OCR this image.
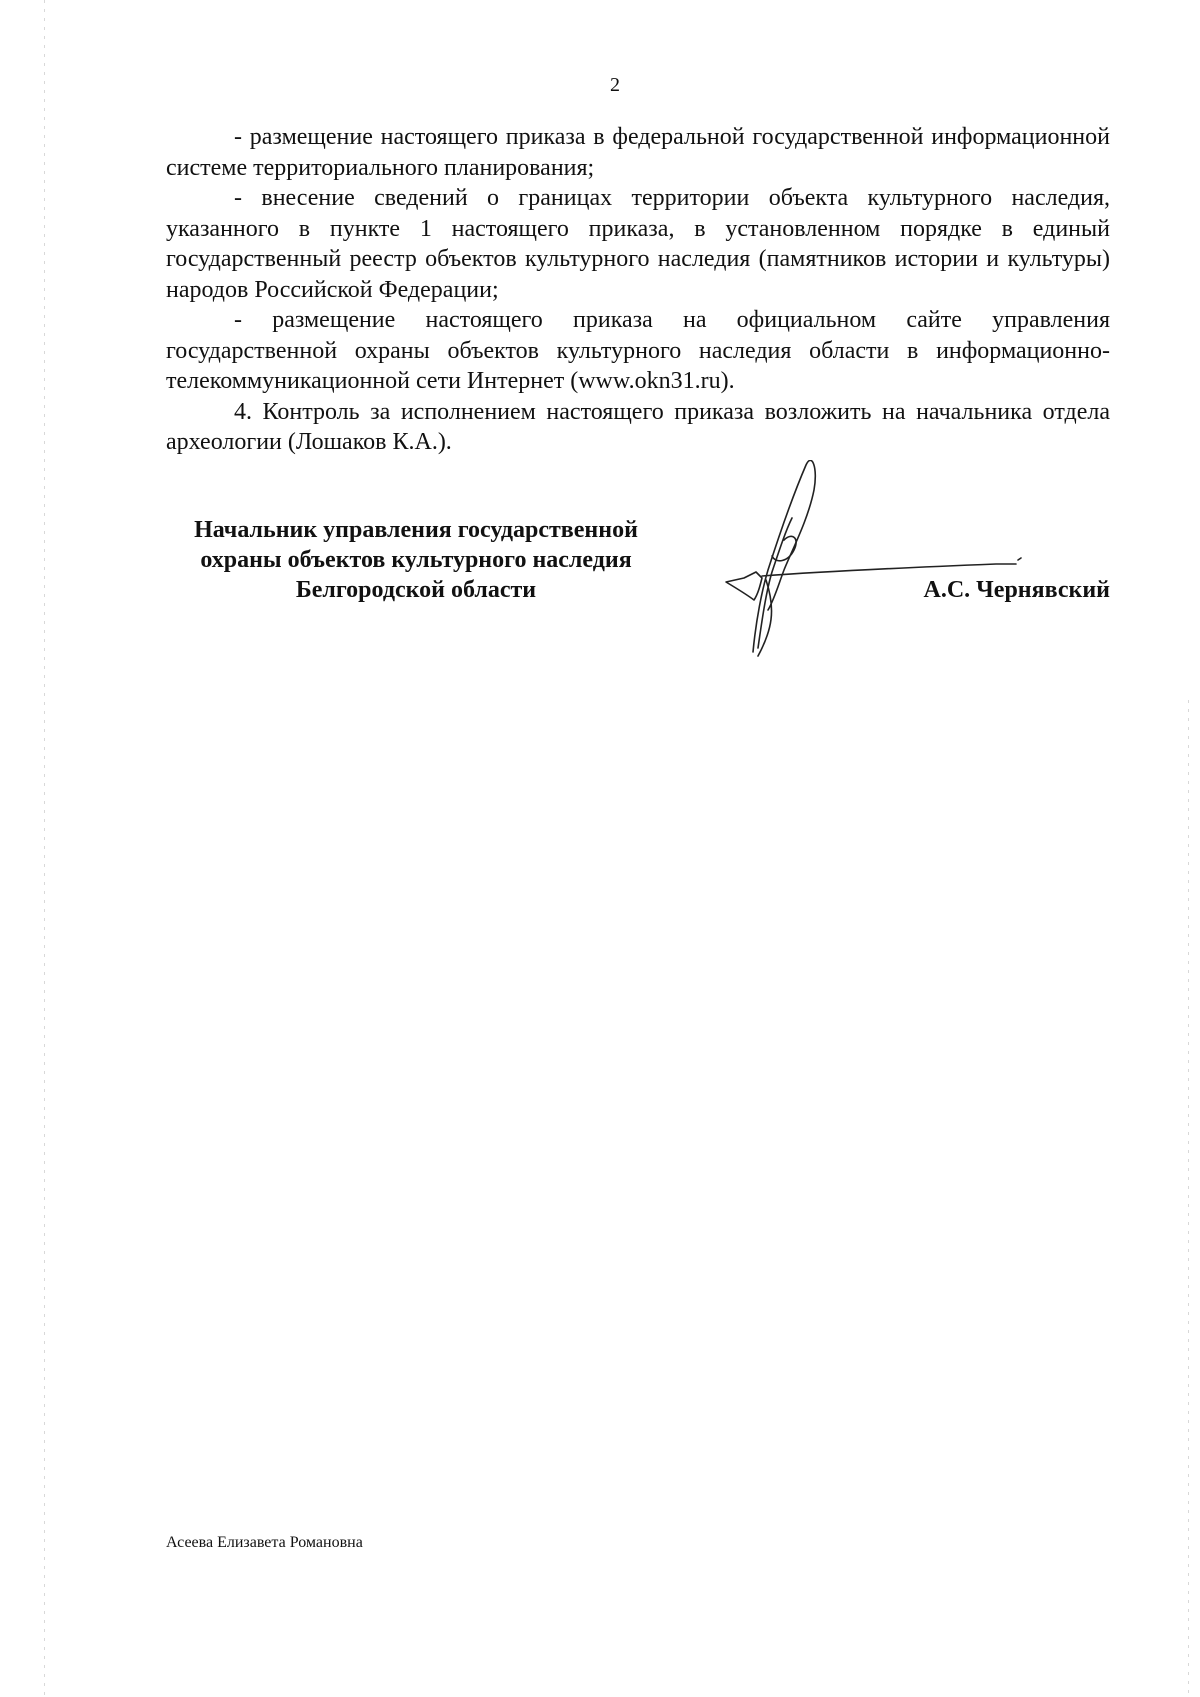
2

- размещение настоящего приказа в федеральной государственной информационной системе территориального планирования;

- внесение сведений о границах территории объекта культурного наследия, указанного в пункте 1 настоящего приказа, в установленном порядке в единый государственный реестр объектов культурного наследия (памятников истории и культуры) народов Российской Федерации;

- размещение настоящего приказа на официальном сайте управления государственной охраны объектов культурного наследия области в информационно-телекоммуникационной сети Интернет (www.okn31.ru).

4. Контроль за исполнением настоящего приказа возложить на начальника отдела археологии (Лошаков К.А.).

Начальник управления государственной
охраны объектов культурного наследия
Белгородской области	А.С. Чернявский
Асеева Елизавета Романовна
